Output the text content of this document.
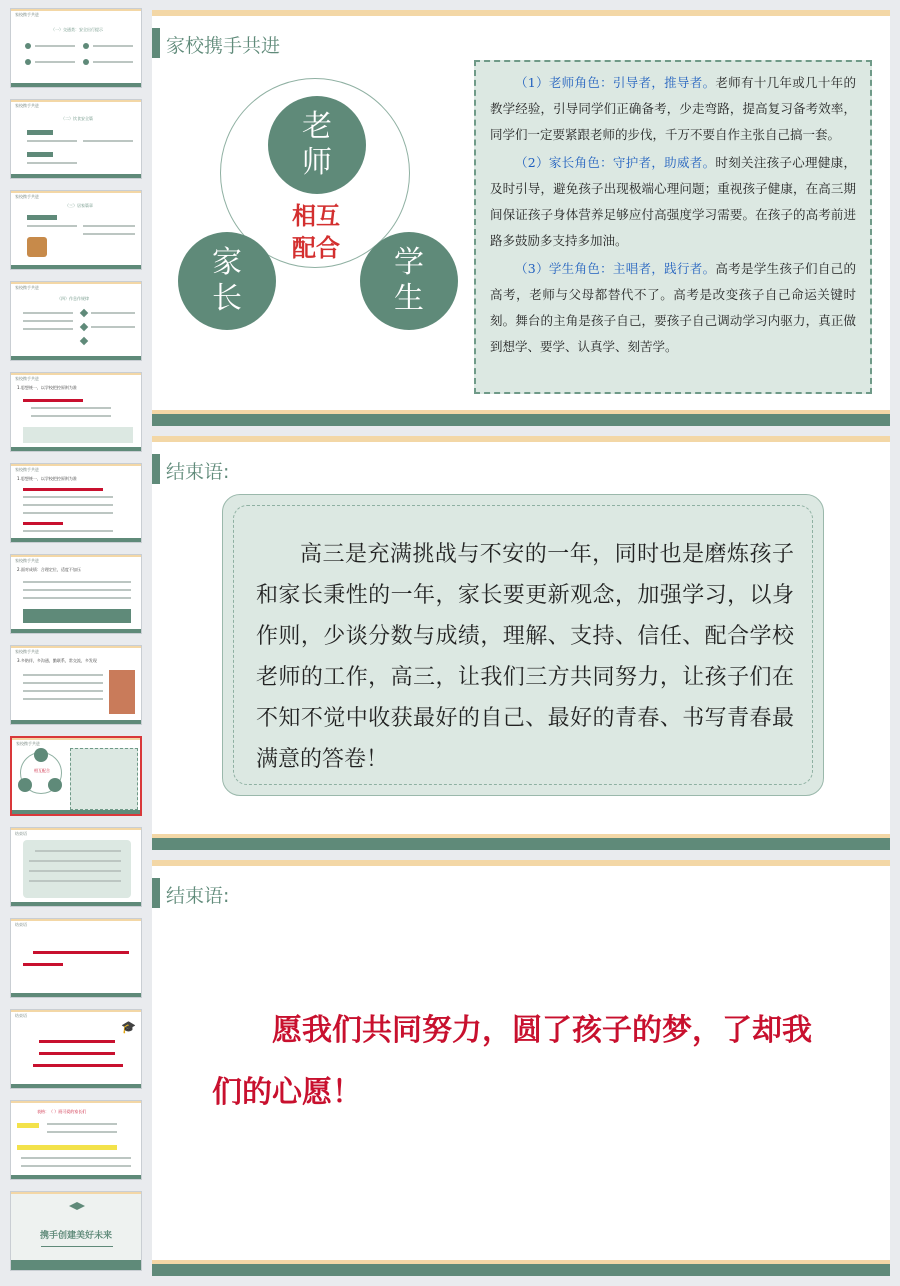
家校携手共进
（一）交通类：安全出行提示
家校携手共进
（二）饮食安全篇
家校携手共进
（三）居家篇章
家校携手共进
（四）作息作规律
家校携手共进
1.思想统一，以学校把控原则为准
家校携手共进
1.思想统一，以学校把控原则为准
家校携手共进
2.面对成绩：合理定位，适度不加压
家校携手共进
3.多陪伴，多沟通，勤联系，常交流，多发现
家校携手共进
相互配合
结束语
结束语
结束语
🎓
表格：（ ）班可爱的家长们
携手创建美好未来
家校携手共进
老
师
家
长
学
生
相互
配合

（1）老师角色：引导者，推导者。老师有十几年或几十年的教学经验，引导同学们正确备考，少走弯路，提高复习备考效率，同学们一定要紧跟老师的步伐，千万不要自作主张自己搞一套。

（2）家长角色：守护者，助威者。时刻关注孩子心理健康，及时引导，避免孩子出现极端心理问题；重视孩子健康，在高三期间保证孩子身体营养足够应付高强度学习需要。在孩子的高考前进路多鼓励多支持多加油。

（3）学生角色：主唱者，践行者。高考是学生孩子们自己的高考，老师与父母都替代不了。高考是改变孩子自己命运关键时刻。舞台的主角是孩子自己，要孩子自己调动学习内驱力，真正做到想学、要学、认真学、刻苦学。

结束语:
高三是充满挑战与不安的一年，同时也是磨炼孩子和家长秉性的一年，家长要更新观念，加强学习，以身作则，少谈分数与成绩，理解、支持、信任、配合学校老师的工作，高三，让我们三方共同努力，让孩子们在不知不觉中收获最好的自己、最好的青春、书写青春最满意的答卷！
结束语:
愿我们共同努力，圆了孩子的梦，了却我们的心愿！
